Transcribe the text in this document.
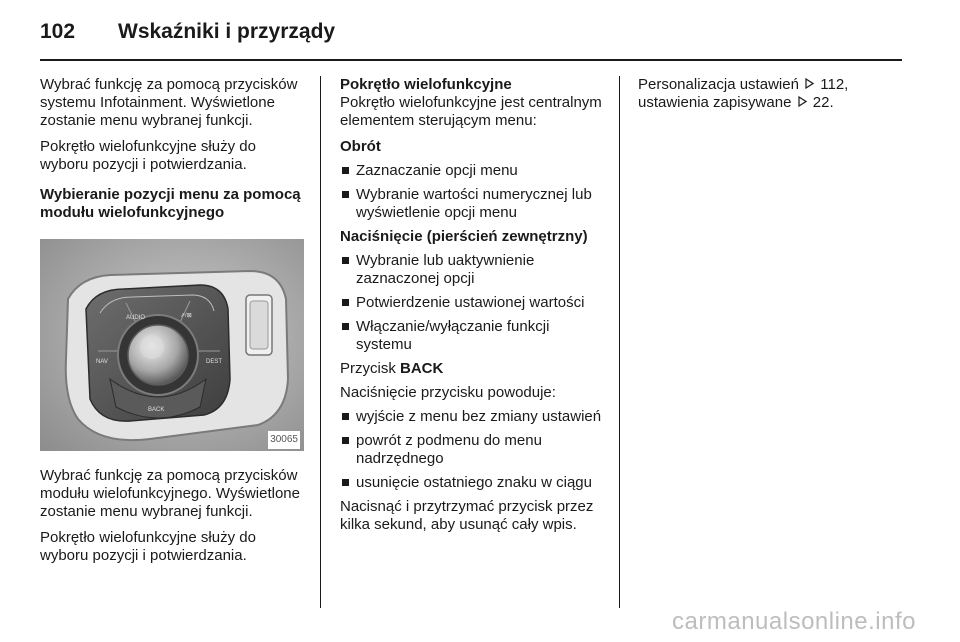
102	Wskaźniki i przyrządy

Wybrać funkcję za pomocą przycisków systemu Infotainment. Wyświetlone zostanie menu wybranej funkcji.

Pokrętło wielofunkcyjne służy do wyboru pozycji i potwierdzania.

Wybieranie pozycji menu za pomocą modułu wielofunkcyjnego

AUDIO	↗/⊠
NAV	DEST
BACK
30065

Wybrać funkcję za pomocą przycisków modułu wielofunkcyjnego. Wyświetlone zostanie menu wybranej funkcji.

Pokrętło wielofunkcyjne służy do wyboru pozycji i potwierdzania.

Pokrętło wielofunkcyjne

Pokrętło wielofunkcyjne jest centralnym elementem sterującym menu:

Obrót

Zaznaczanie opcji menu
Wybranie wartości numerycznej lub wyświetlenie opcji menu

Naciśnięcie (pierścień zewnętrzny)

Wybranie lub uaktywnienie zaznaczonej opcji
Potwierdzenie ustawionej wartości
Włączanie/wyłączanie funkcji systemu

Przycisk BACK

Naciśnięcie przycisku powoduje:

wyjście z menu bez zmiany ustawień
powrót z podmenu do menu nadrzędnego
usunięcie ostatniego znaku w ciągu

Nacisnąć i przytrzymać przycisk przez kilka sekund, aby usunąć cały wpis.

Personalizacja ustawień 112,
ustawienia zapisywane 22.
carmanualsonline.info
